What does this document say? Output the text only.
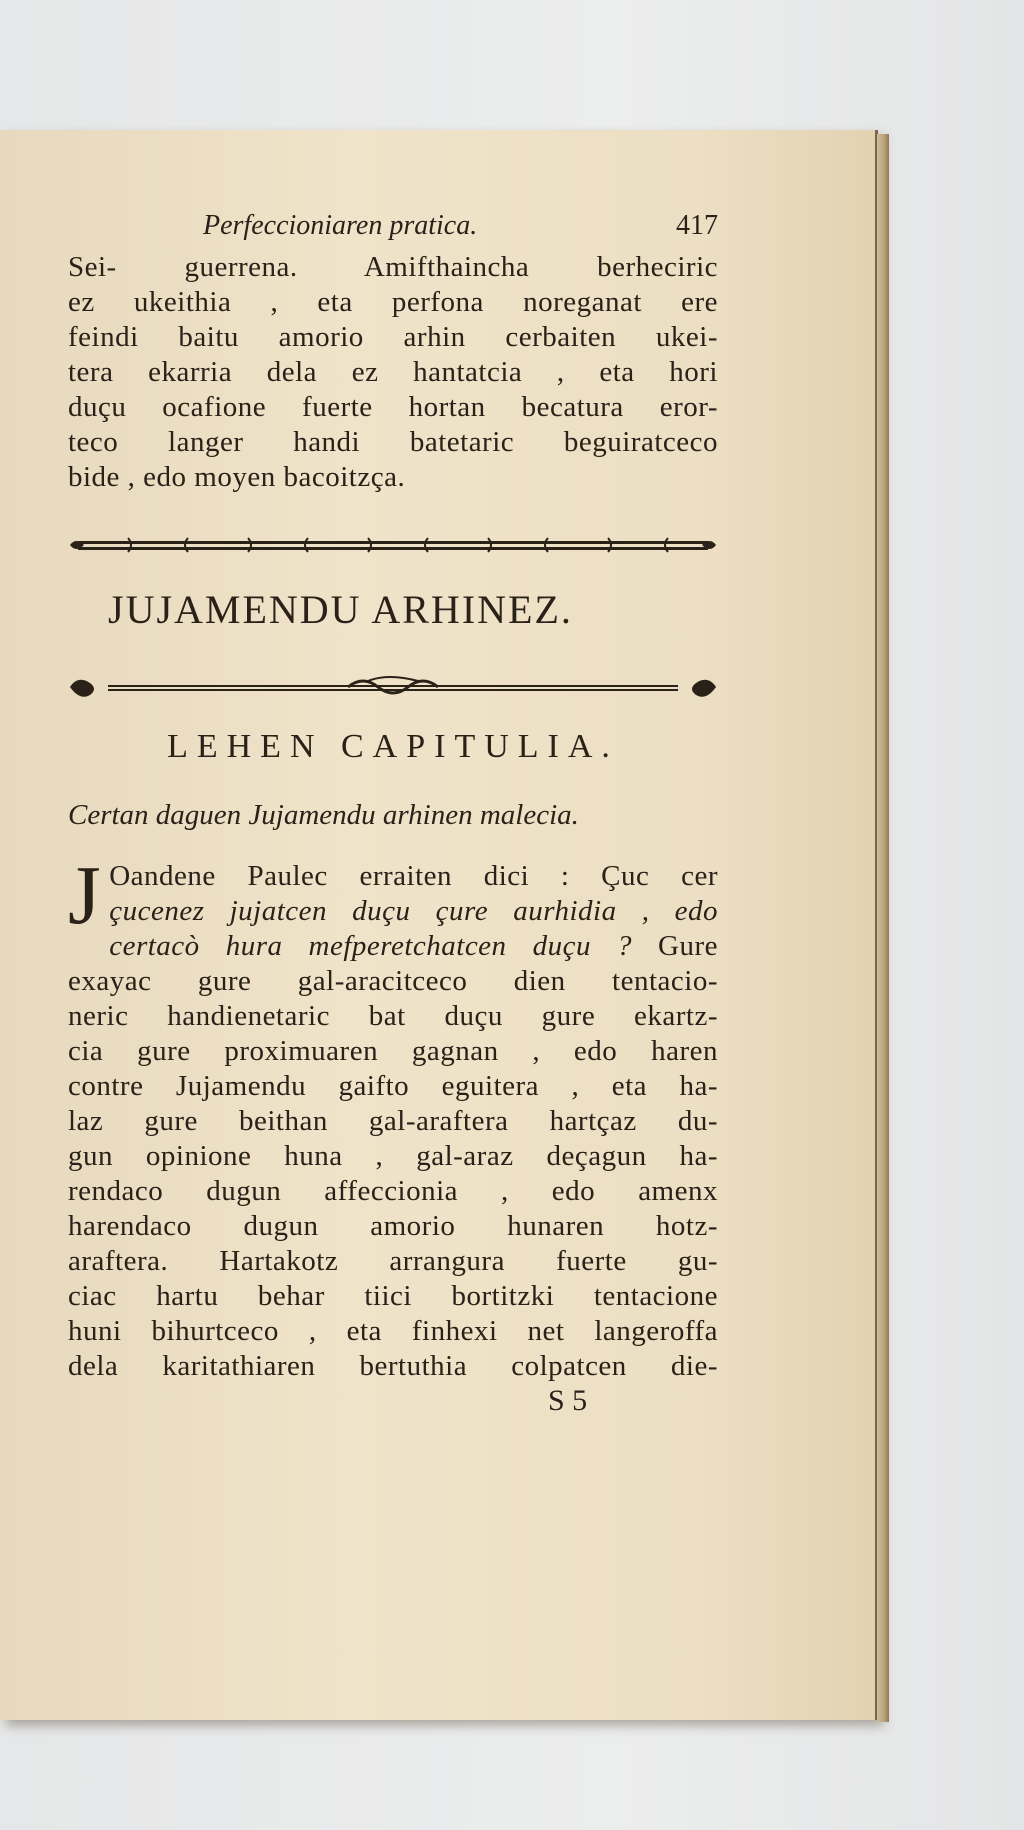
Perfeccioniaren pratica.	417
Sei- guerrena. Amifthaincha berheciric
ez ukeithia , eta perfona noreganat ere
feindi baitu amorio arhin cerbaiten ukei-
tera ekarria dela ez hantatcia , eta hori
duçu ocafione fuerte hortan becatura eror-
teco langer handi batetaric beguiratceco
bide , edo moyen bacoitzça.
JUJAMENDU ARHINEZ.
LEHEN CAPITULIA.
Certan daguen Jujamendu arhinen malecia.
J Oandene Paulec erraiten dici : Çuc cer
çucenez jujatcen duçu çure aurhidia , edo
certacò hura mefperetchatcen duçu ? Gure
exayac gure gal-aracitceco dien tentacio-
neric handienetaric bat duçu gure ekartz-
cia gure proximuaren gagnan , edo haren
contre Jujamendu gaifto eguitera , eta ha-
laz gure beithan gal-araftera hartçaz du-
gun opinione huna , gal-araz deçagun ha-
rendaco dugun affeccionia , edo amenx
harendaco dugun amorio hunaren hotz-
araftera. Hartakotz arrangura fuerte gu-
ciac hartu behar tiici bortitzki tentacione
huni bihurtceco , eta finhexi net langeroffa
dela karitathiaren bertuthia colpatcen die-
S 5
